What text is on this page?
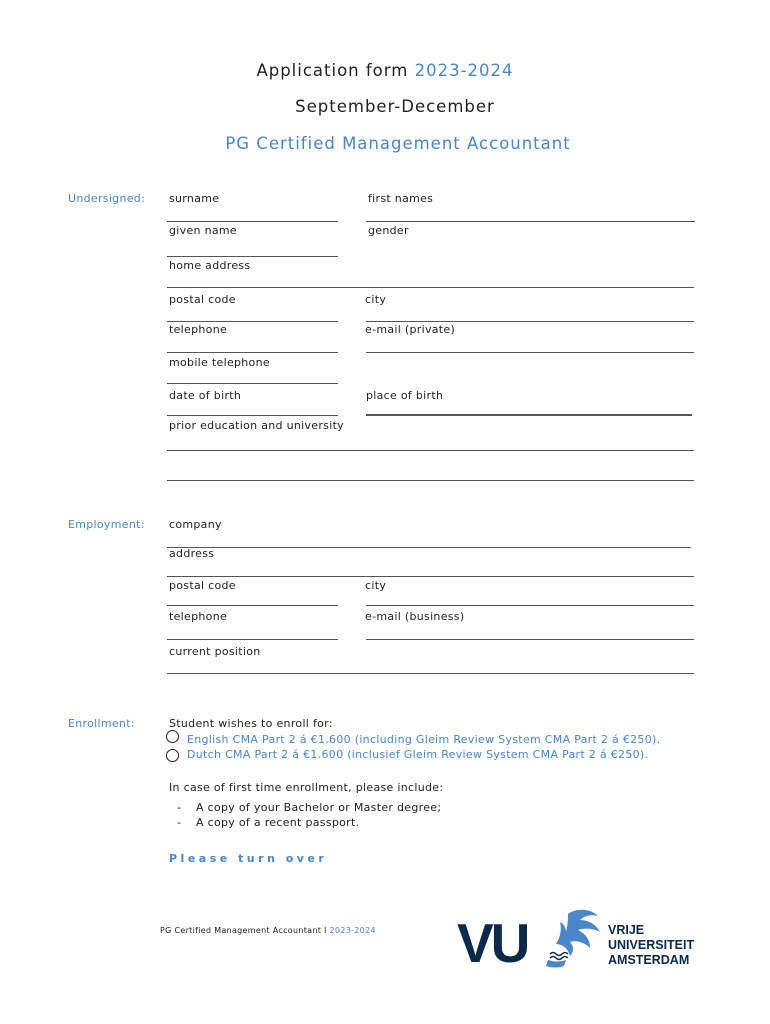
Application form 2023-2024
September-December
PG Certified Management Accountant
Undersigned: surname	first names
given name	gender
home address
postal code	city
telephone	e-mail (private)
mobile telephone
date of birth	place of birth
prior education and university
Employment: company
address
postal code	city
telephone	e-mail (business)
current position
Enrollment:	Student wishes to enroll for:
English CMA Part 2 á €1.600 (including Gleim Review System CMA Part 2 á €250).
Dutch CMA Part 2 á €1.600 (inclusief Gleim Review System CMA Part 2 á €250).
In case of first time enrollment, please include:
- A copy of your Bachelor or Master degree;
- A copy of a recent passport.
Please turn over
PG Certified Management Accountant I 2023-2024 VU	VRIJE
UNIVERSITEIT
AMSTERDAM
